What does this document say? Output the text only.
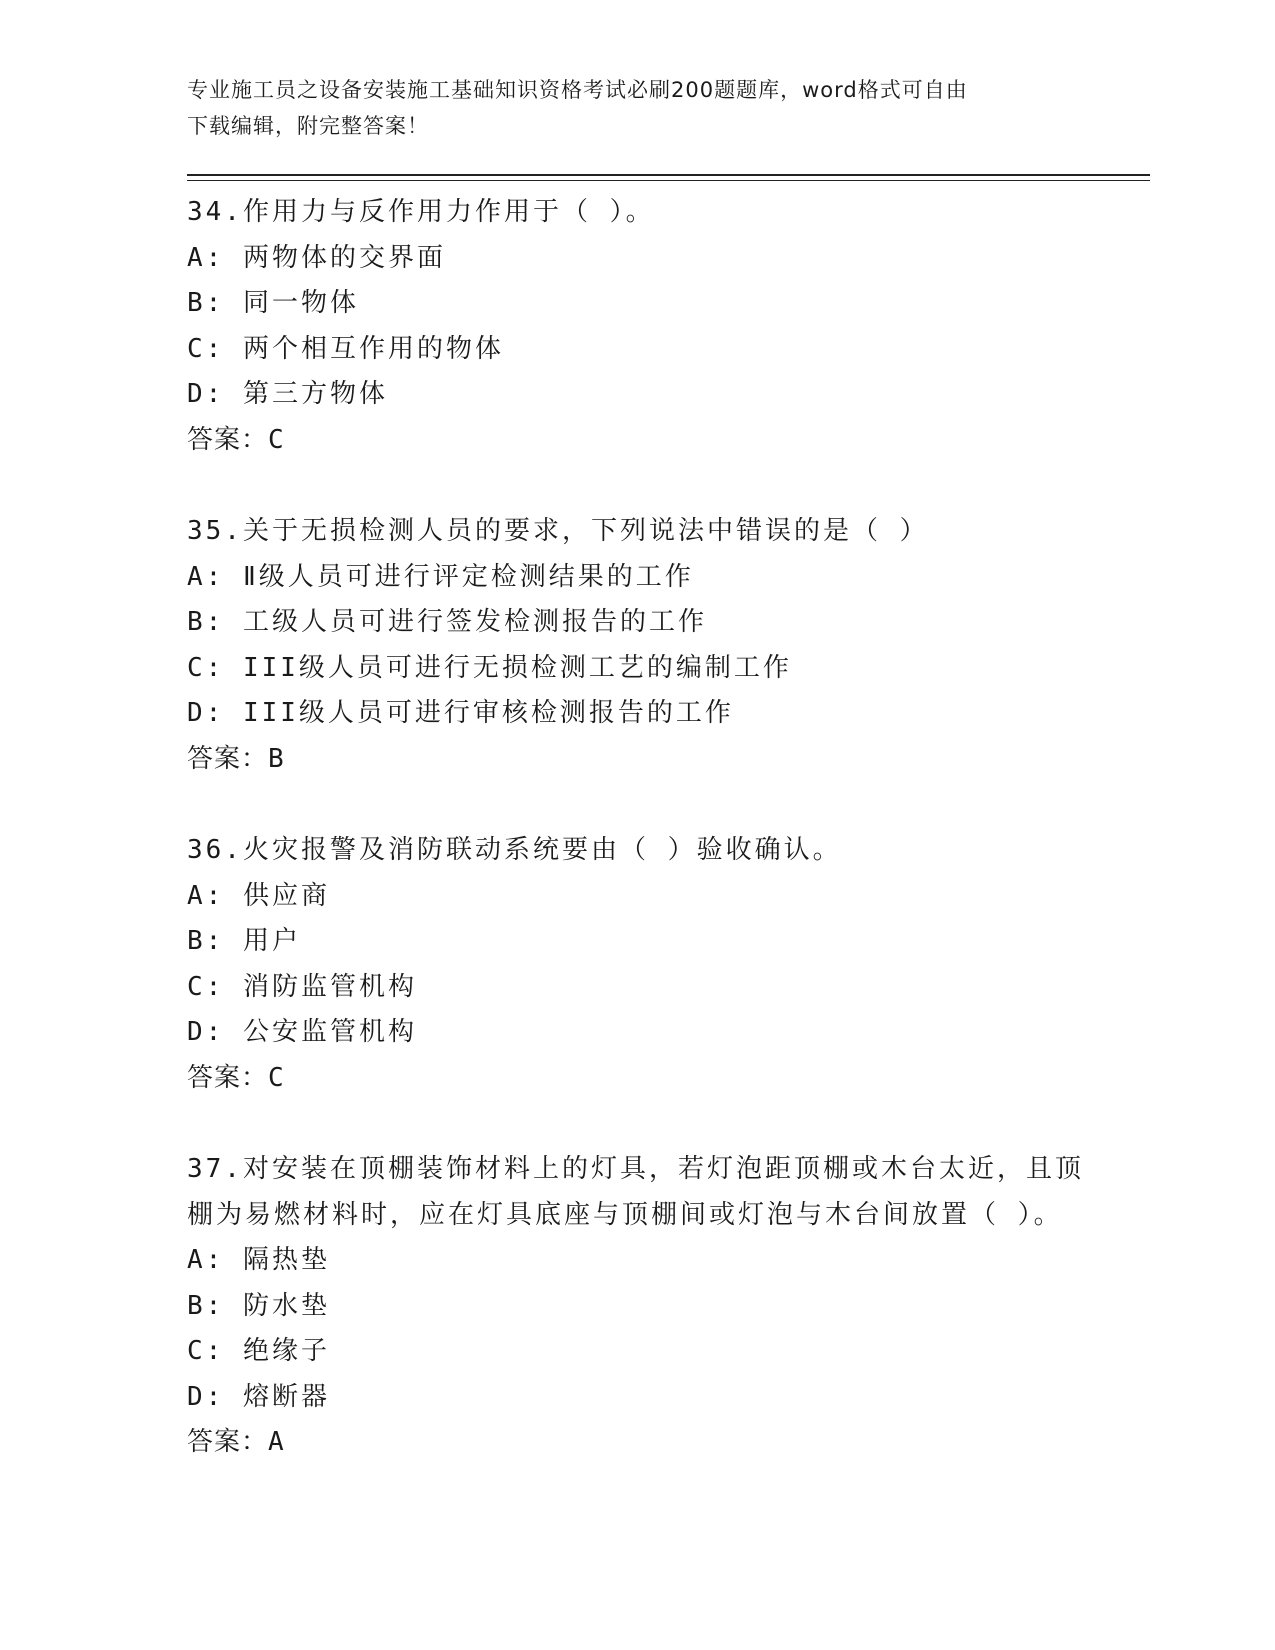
专业施工员之设备安装施工基础知识资格考试必刷200题题库，word格式可自由
下载编辑，附完整答案！
34.作用力与反作用力作用于（ ）。
A: 两物体的交界面
B: 同一物体
C: 两个相互作用的物体
D: 第三方物体
答案：C
35.关于无损检测人员的要求，下列说法中错误的是（ ）
A: Ⅱ级人员可进行评定检测结果的工作
B: 工级人员可进行签发检测报告的工作
C: III级人员可进行无损检测工艺的编制工作
D: III级人员可进行审核检测报告的工作
答案：B
36.火灾报警及消防联动系统要由（ ）验收确认。
A: 供应商
B: 用户
C: 消防监管机构
D: 公安监管机构
答案：C
37.对安装在顶棚装饰材料上的灯具，若灯泡距顶棚或木台太近，且顶
棚为易燃材料时，应在灯具底座与顶棚间或灯泡与木台间放置（ ）。
A: 隔热垫
B: 防水垫
C: 绝缘子
D: 熔断器
答案：A
